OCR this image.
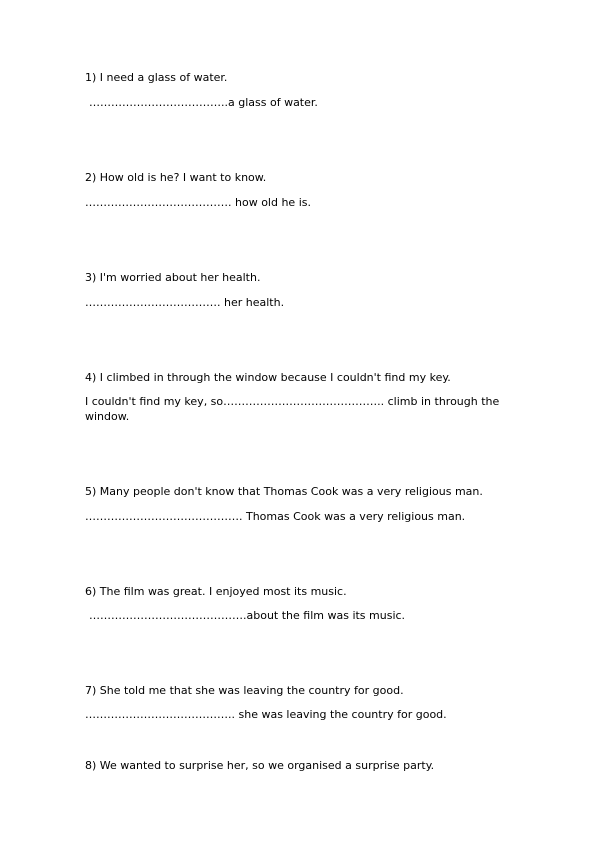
1) I need a glass of water.
………………………………..a glass of water.
2) How old is he? I want to know.
…………………………………. how old he is.
3) I'm worried about her health.
………………………………. her health.
4) I climbed in through the window because I couldn't find my key.
I couldn't find my key, so…………………………………….. climb in through the window.
5) Many people don't know that Thomas Cook was a very religious man.
……………………………………. Thomas Cook was a very religious man.
6) The film was great. I enjoyed most its music.
…………………………………….about the film was its music.
7) She told me that she was leaving the country for good.
………………………………….. she was leaving the country for good.
8) We wanted to surprise her, so we organised a surprise party.
